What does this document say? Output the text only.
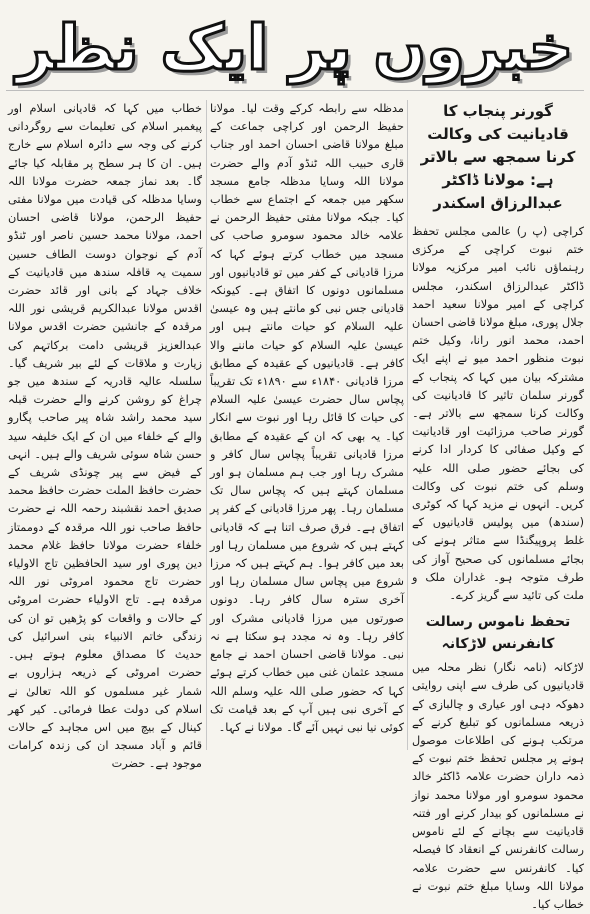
خبروں پر ایک نظر
گورنر پنجاب کا قادیانیت کی وکالت کرنا سمجھ سے بالاتر ہے: مولانا ڈاکٹر عبدالرزاق اسکندر

کراچی (پ ر) عالمی مجلس تحفظ ختم نبوت کراچی کے مرکزی رہنماؤں نائب امیر مرکزیہ مولانا ڈاکٹر عبدالرزاق اسکندر، مجلس کراچی کے امیر مولانا سعید احمد جلال پوری، مبلغ مولانا قاضی احسان احمد، محمد انور رانا، وکیل ختم نبوت منظور احمد میو نے اپنے ایک مشترکہ بیان میں کہا کہ پنجاب کے گورنر سلمان تاثیر کا قادیانیت کی وکالت کرنا سمجھ سے بالاتر ہے۔ گورنر صاحب مرزائیت اور قادیانیت کے وکیل صفائی کا کردار ادا کرنے کی بجائے حضور صلی اللہ علیہ وسلم کی ختم نبوت کی وکالت کریں۔ انہوں نے مزید کہا کہ کوٹری (سندھ) میں پولیس قادیانیوں کے غلط پروپیگنڈا سے متاثر ہونے کی بجائے مسلمانوں کی صحیح آواز کی طرف متوجہ ہو۔ غداران ملک و ملت کی تائید سے گریز کرے۔

تحفظ ناموس رسالت کانفرنس لاڑکانہ

لاڑکانہ (نامہ نگار) نظر محلہ میں قادیانیوں کی طرف سے اپنی روایتی دھوکہ دہی اور عیاری و چالبازی کے ذریعہ مسلمانوں کو تبلیغ کرنے کے مرتکب ہونے کی اطلاعات موصول ہونے پر مجلس تحفظ ختم نبوت کے ذمہ داران حضرت علامہ ڈاکٹر خالد محمود سومرو اور مولانا محمد نواز نے مسلمانوں کو بیدار کرنے اور فتنہ قادیانیت سے بچانے کے لئے ناموس رسالت کانفرنس کے انعقاد کا فیصلہ کیا۔ کانفرنس سے حضرت علامہ مولانا اللہ وسایا مبلغ ختم نبوت نے خطاب کیا۔

مدظلہ سے رابطہ کرکے وقت لیا۔ مولانا حفیظ الرحمن اور کراچی جماعت کے مبلغ مولانا قاضی احسان احمد اور جناب قاری حبیب اللہ ٹنڈو آدم والے حضرت مولانا اللہ وسایا مدظلہ جامع مسجد سکھر میں جمعہ کے اجتماع سے خطاب کیا۔ جبکہ مولانا مفتی حفیظ الرحمن نے علامہ خالد محمود سومرو صاحب کی مسجد میں خطاب کرتے ہوئے کہا کہ مرزا قادیانی کے کفر میں تو قادیانیوں اور مسلمانوں دونوں کا اتفاق ہے۔ کیونکہ قادیانی جس نبی کو مانتے ہیں وہ عیسیٰ علیہ السلام کو حیات مانتے ہیں اور عیسیٰ علیہ السلام کو حیات ماننے والا کافر ہے۔ قادیانیوں کے عقیدہ کے مطابق مرزا قادیانی ۱۸۴۰ء سے ۱۸۹۰ء تک تقریباً پچاس سال حضرت عیسیٰ علیہ السلام کی حیات کا قائل رہا اور نبوت سے انکار کیا۔ یہ بھی کہ ان کے عقیدہ کے مطابق مرزا قادیانی تقریباً پچاس سال کافر و مشرک رہا اور جب ہم مسلمان ہو اور مسلمان کہتے ہیں کہ پچاس سال تک مسلمان رہا۔ پھر مرزا قادیانی کے کفر پر اتفاق ہے۔ فرق صرف اتنا ہے کہ قادیانی کہتے ہیں کہ شروع میں مسلمان رہا اور بعد میں کافر ہوا۔ ہم کہتے ہیں کہ مرزا شروع میں پچاس سال مسلمان رہا اور آخری سترہ سال کافر رہا۔ دونوں صورتوں میں مرزا قادیانی مشرک اور کافر رہا۔ وہ نہ مجدد ہو سکتا ہے نہ نبی۔ مولانا قاضی احسان احمد نے جامع مسجد عثمان غنی میں خطاب کرتے ہوئے کہا کہ حضور صلی اللہ علیہ وسلم اللہ کے آخری نبی ہیں آپ کے بعد قیامت تک کوئی نیا نبی نہیں آئے گا۔ مولانا نے کہا۔

خطاب میں کہا کہ قادیانی اسلام اور پیغمبر اسلام کی تعلیمات سے روگردانی کرنے کی وجہ سے دائرہ اسلام سے خارج ہیں۔ ان کا ہر سطح پر مقابلہ کیا جائے گا۔ بعد نماز جمعہ حضرت مولانا اللہ وسایا مدظلہ کی قیادت میں مولانا مفتی حفیظ الرحمن، مولانا قاضی احسان احمد، مولانا محمد حسین ناصر اور ٹنڈو آدم کے نوجوان دوست الطاف حسین سمیت یہ قافلہ سندھ میں قادیانیت کے خلاف جہاد کے بانی اور قائد حضرت اقدس مولانا عبدالکریم قریشی نور اللہ مرقدہ کے جانشین حضرت اقدس مولانا عبدالعزیز قریشی دامت برکاتہم کی زیارت و ملاقات کے لئے بیر شریف گیا۔ سلسلہ عالیہ قادریہ کے سندھ میں جو چراغ کو روشن کرنے والے حضرت قبلہ سید محمد راشد شاہ پیر صاحب پگارو والے کے خلفاء میں ان کے ایک خلیفہ سید حسن شاہ سوئی شریف والے ہیں۔ انہی کے فیض سے پیر چونڈی شریف کے حضرت حافظ الملت حضرت حافظ محمد صدیق احمد نقشبند رحمہ اللہ نے حضرت حافظ صاحب نور اللہ مرقدہ کے دوممتاز خلفاء حضرت مولانا حافظ غلام محمد دین پوری اور سید الحافظین تاج الاولیاء حضرت تاج محمود امروٹی نور اللہ مرقدہ ہے۔ تاج الاولیاء حضرت امروٹی کے حالات و واقعات کو پڑھیں تو ان کی زندگی خاتم الانبیاء بنی اسرائیل کی حدیث کا مصداق معلوم ہوتے ہیں۔ حضرت امروٹی کے ذریعہ ہزاروں بے شمار غیر مسلموں کو اللہ تعالیٰ نے اسلام کی دولت عطا فرمائی۔ کیر کھر کینال کے بیچ میں اس مجاہد کے حالات قائم و آباد مسجد ان کی زندہ کرامات موجود ہے۔ حضرت
